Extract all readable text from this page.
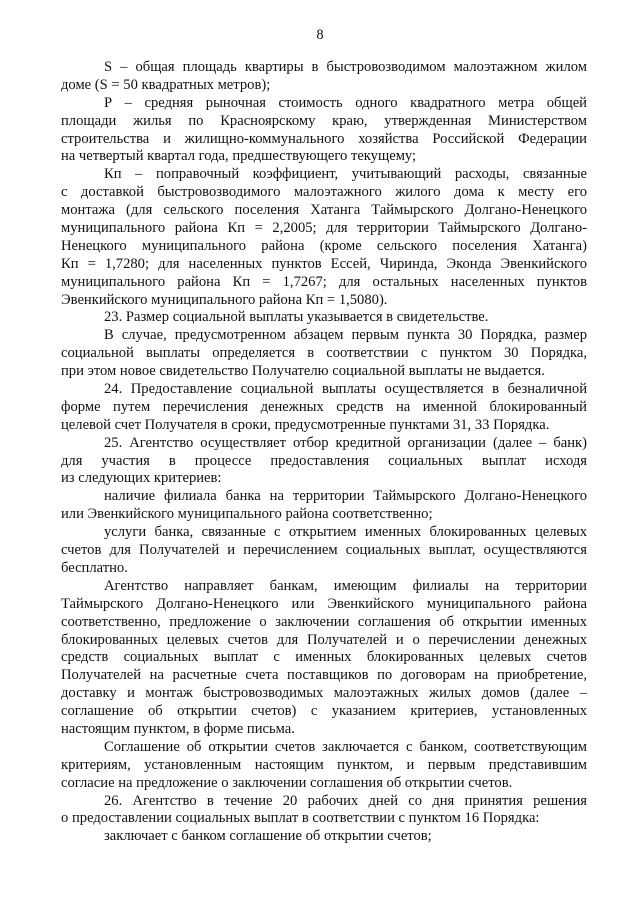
8
S – общая площадь квартиры в быстровозводимом малоэтажном жилом
доме (S = 50 квадратных метров);
Р – средняя рыночная стоимость одного квадратного метра общей
площади жилья по Красноярскому краю, утвержденная Министерством
строительства и жилищно-коммунального хозяйства Российской Федерации
на четвертый квартал года, предшествующего текущему;
Кп – поправочный коэффициент, учитывающий расходы, связанные
с доставкой быстровозводимого малоэтажного жилого дома к месту его
монтажа (для сельского поселения Хатанга Таймырского Долгано-Ненецкого
муниципального района Кп = 2,2005; для территории Таймырского Долгано-
Ненецкого муниципального района (кроме сельского поселения Хатанга)
Кп = 1,7280; для населенных пунктов Ессей, Чиринда, Эконда Эвенкийского
муниципального района Кп = 1,7267; для остальных населенных пунктов
Эвенкийского муниципального района Кп = 1,5080).
23. Размер социальной выплаты указывается в свидетельстве.
В случае, предусмотренном абзацем первым пункта 30 Порядка, размер
социальной выплаты определяется в соответствии с пунктом 30 Порядка,
при этом новое свидетельство Получателю социальной выплаты не выдается.
24. Предоставление социальной выплаты осуществляется в безналичной
форме путем перечисления денежных средств на именной блокированный
целевой счет Получателя в сроки, предусмотренные пунктами 31, 33 Порядка.
25. Агентство осуществляет отбор кредитной организации (далее – банк)
для участия в процессе предоставления социальных выплат исходя
из следующих критериев:
наличие филиала банка на территории Таймырского Долгано-Ненецкого
или Эвенкийского муниципального района соответственно;
услуги банка, связанные с открытием именных блокированных целевых
счетов для Получателей и перечислением социальных выплат, осуществляются
бесплатно.
Агентство направляет банкам, имеющим филиалы на территории
Таймырского Долгано-Ненецкого или Эвенкийского муниципального района
соответственно, предложение о заключении соглашения об открытии именных
блокированных целевых счетов для Получателей и о перечислении денежных
средств социальных выплат с именных блокированных целевых счетов
Получателей на расчетные счета поставщиков по договорам на приобретение,
доставку и монтаж быстровозводимых малоэтажных жилых домов (далее –
соглашение об открытии счетов) с указанием критериев, установленных
настоящим пунктом, в форме письма.
Соглашение об открытии счетов заключается с банком, соответствующим
критериям, установленным настоящим пунктом, и первым представившим
согласие на предложение о заключении соглашения об открытии счетов.
26. Агентство в течение 20 рабочих дней со дня принятия решения
о предоставлении социальных выплат в соответствии с пунктом 16 Порядка:
заключает с банком соглашение об открытии счетов;
